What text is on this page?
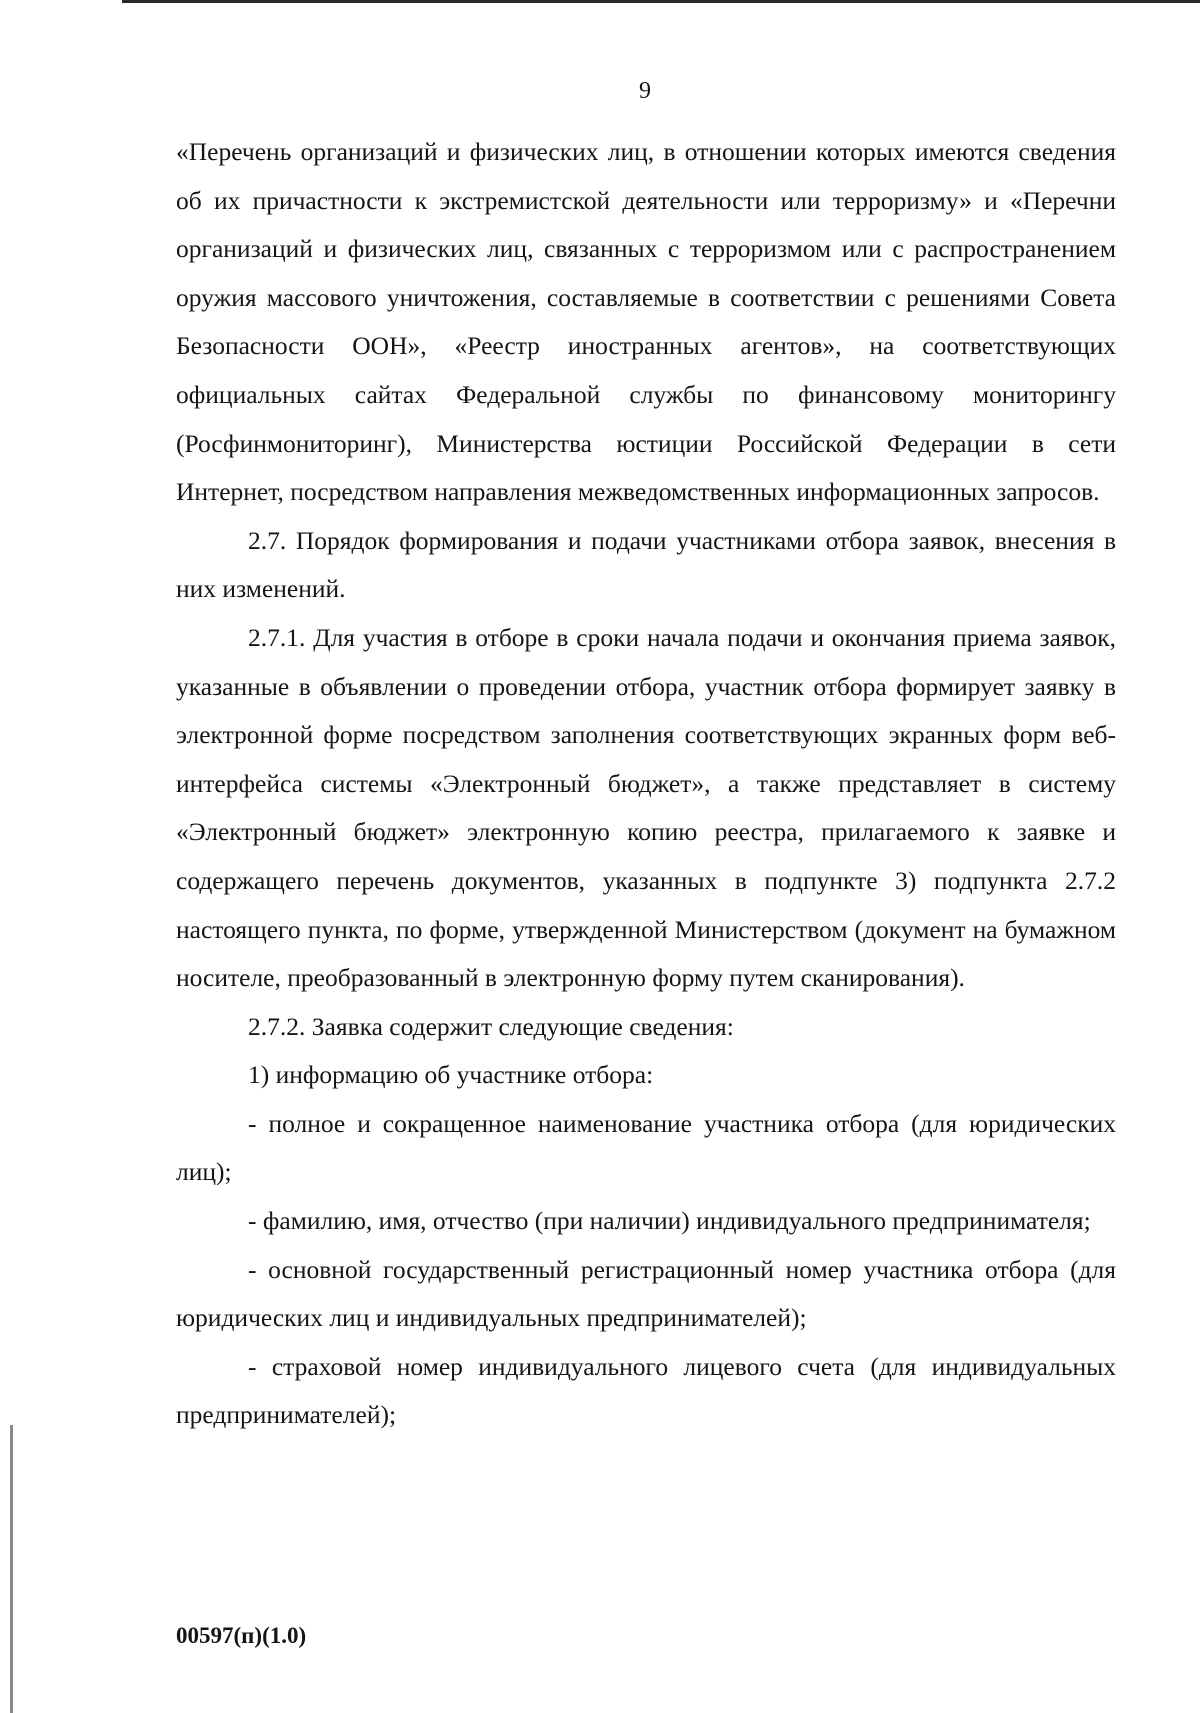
9

«Перечень организаций и физических лиц, в отношении которых имеются сведения об их причастности к экстремистской деятельности или терроризму» и «Перечни организаций и физических лиц, связанных с терроризмом или с распространением оружия массового уничтожения, составляемые в соответствии с решениями Совета Безопасности ООН», «Реестр иностранных агентов», на соответствующих официальных сайтах Федеральной службы по финансовому мониторингу (Росфинмониторинг), Министерства юстиции Российской Федерации в сети Интернет, посредством направления межведомственных информационных запросов.

2.7. Порядок формирования и подачи участниками отбора заявок, внесения в них изменений.

2.7.1. Для участия в отборе в сроки начала подачи и окончания приема заявок, указанные в объявлении о проведении отбора, участник отбора формирует заявку в электронной форме посредством заполнения соответствующих экранных форм веб-интерфейса системы «Электронный бюджет», а также представляет в систему «Электронный бюджет» электронную копию реестра, прилагаемого к заявке и содержащего перечень документов, указанных в подпункте 3) подпункта 2.7.2 настоящего пункта, по форме, утвержденной Министерством (документ на бумажном носителе, преобразованный в электронную форму путем сканирования).

2.7.2. Заявка содержит следующие сведения:

1) информацию об участнике отбора:

- полное и сокращенное наименование участника отбора (для юридических лиц);

- фамилию, имя, отчество (при наличии) индивидуального предпринимателя;

- основной государственный регистрационный номер участника отбора (для юридических лиц и индивидуальных предпринимателей);

- страховой номер индивидуального лицевого счета (для индивидуальных предпринимателей);

00597(п)(1.0)
